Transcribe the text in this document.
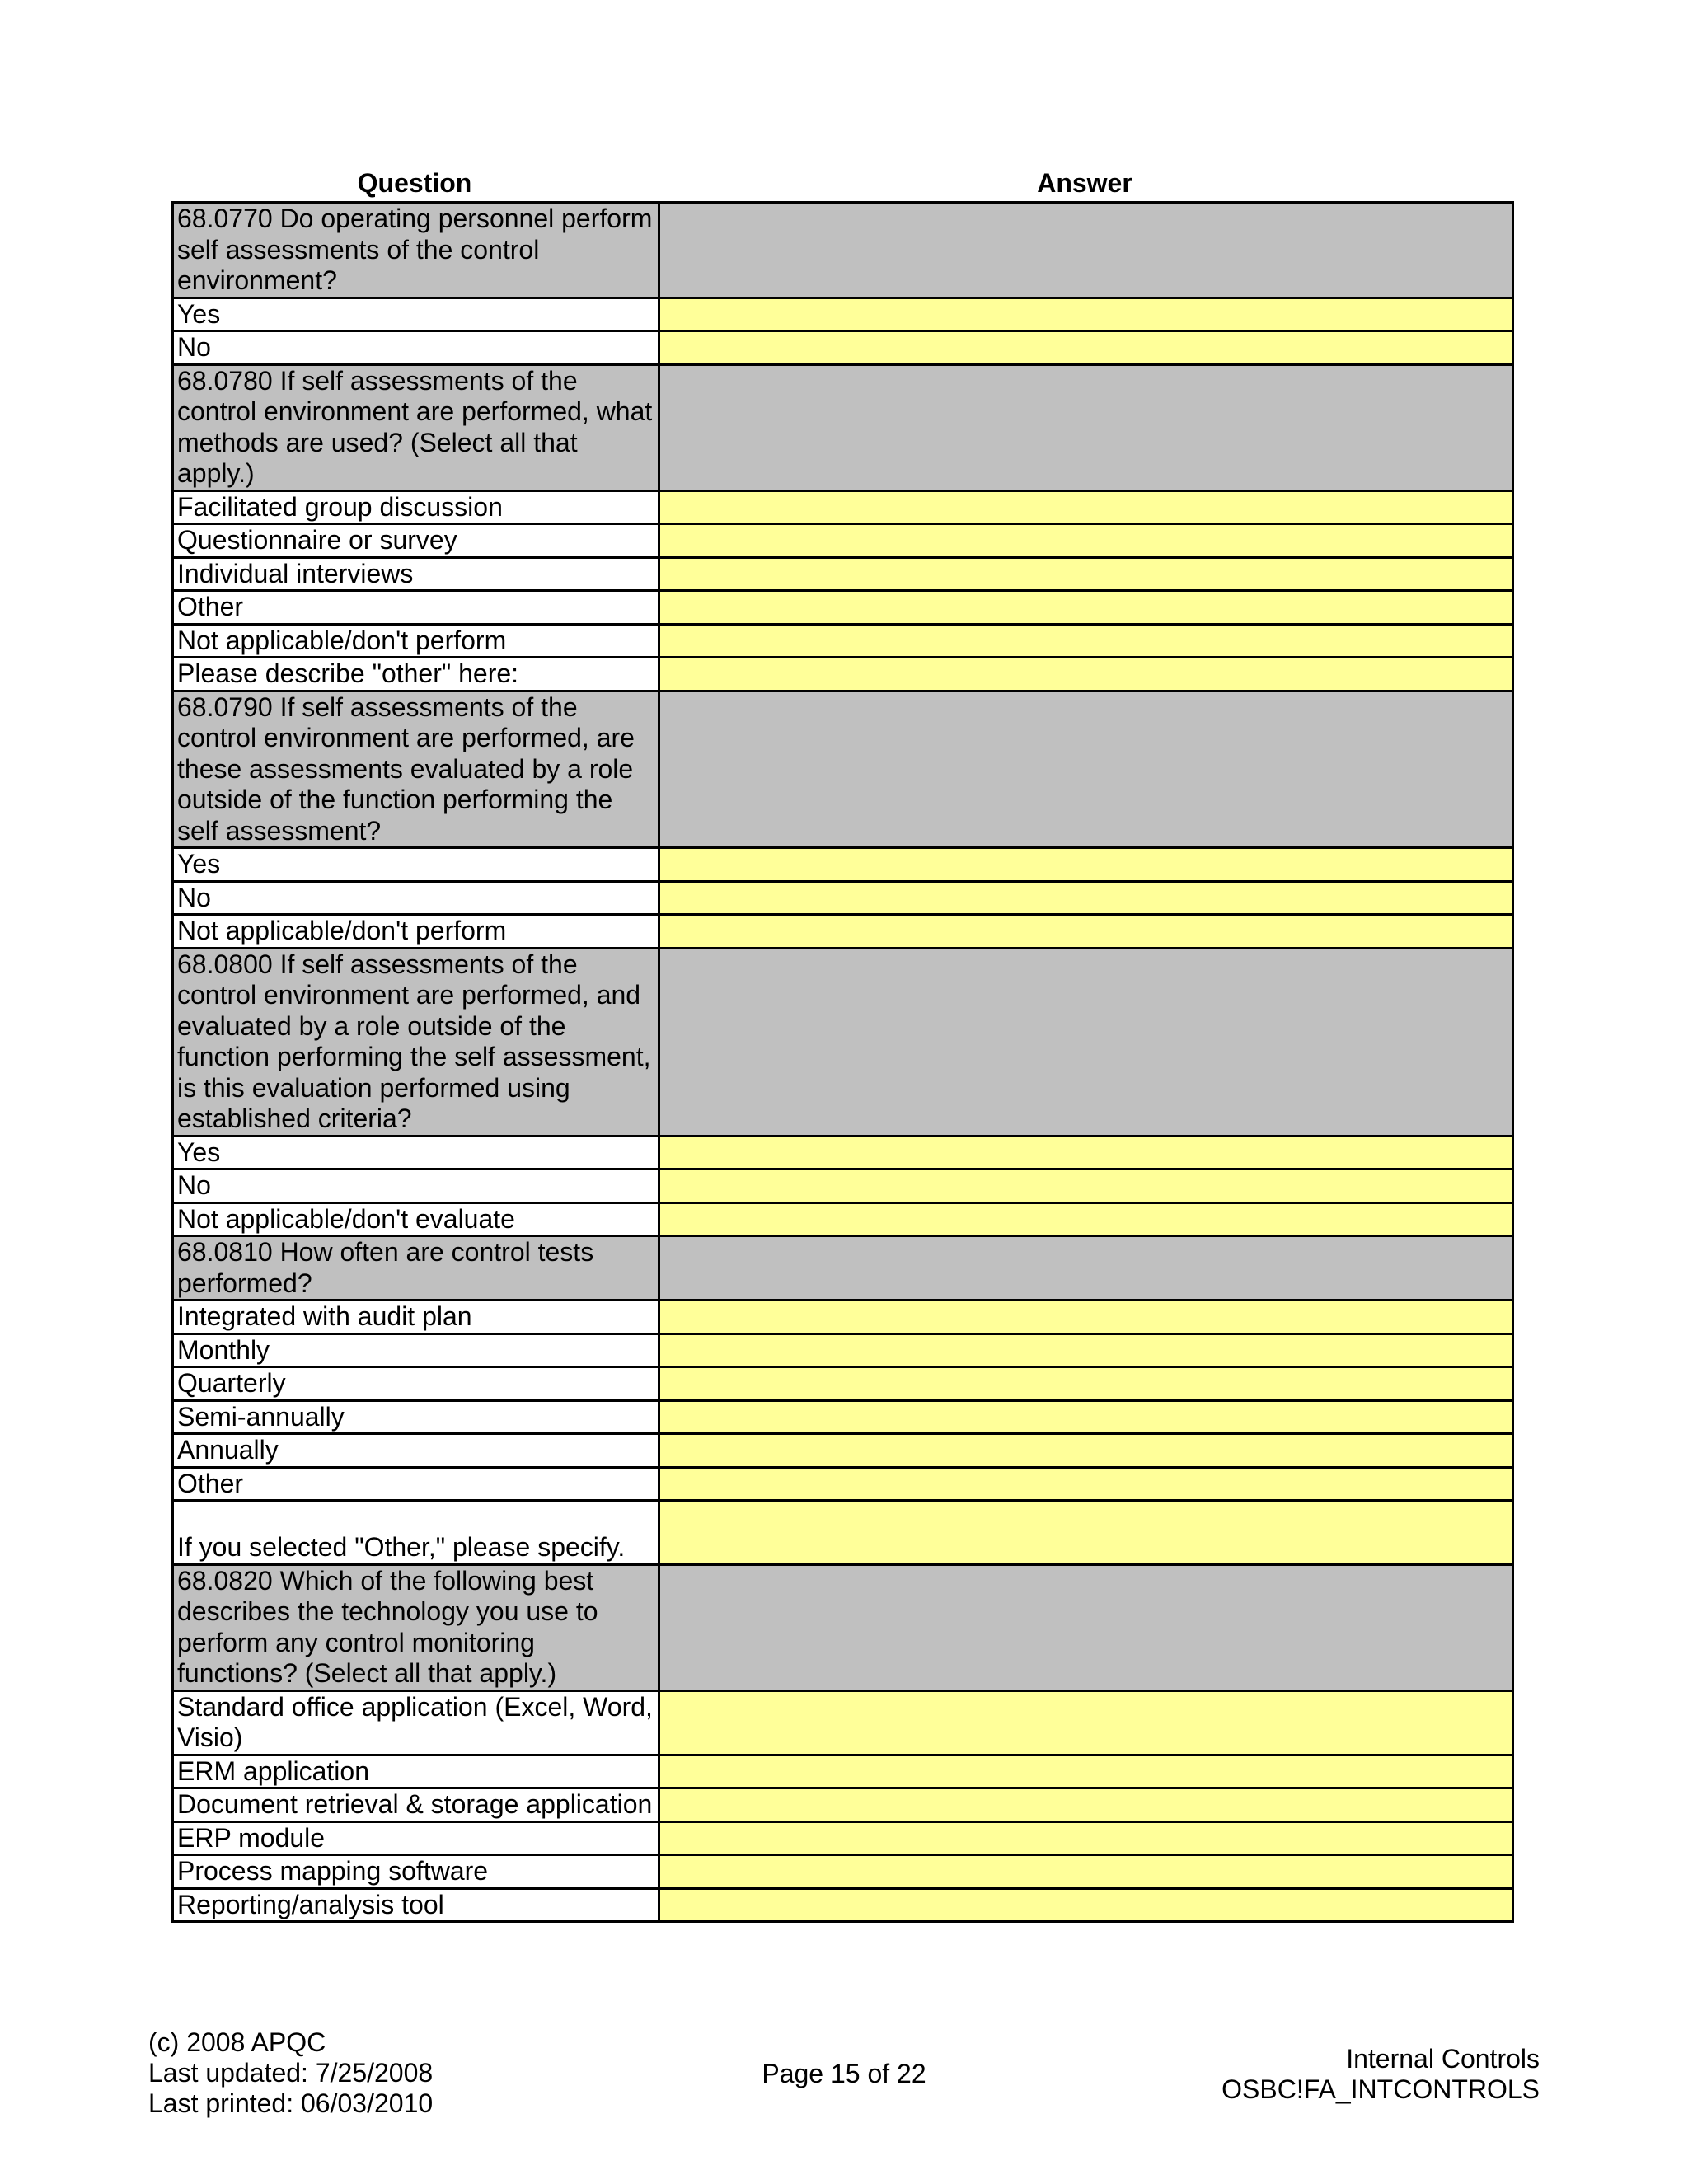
Question	Answer
68.0770 Do operating personnel perform self assessments of the control environment?	
Yes	
No	
68.0780 If self assessments of the control environment are performed, what methods are used? (Select all that apply.)	
Facilitated group discussion	
Questionnaire or survey	
Individual interviews	
Other	
Not applicable/don't perform	
Please describe "other" here:	
68.0790 If self assessments of the control environment are performed, are these assessments evaluated by a role outside of the function performing the self assessment?	
Yes	
No	
Not applicable/don't perform	
68.0800 If self assessments of the control environment are performed, and evaluated by a role outside of the function performing the self assessment, is this evaluation performed using established criteria?	
Yes	
No	
Not applicable/don't evaluate	
68.0810 How often are control tests performed?	
Integrated with audit plan	
Monthly	
Quarterly	
Semi-annually	
Annually	
Other	
If you selected "Other," please specify.	
68.0820 Which of the following best describes the technology you use to perform any control monitoring functions? (Select all that apply.)	
Standard office application (Excel, Word, Visio)	
ERM application	
Document retrieval & storage application	
ERP module	
Process mapping software	
Reporting/analysis tool	
(c) 2008 APQC
Last updated: 7/25/2008
Last printed: 06/03/2010
Page 15 of 22	Internal Controls
OSBC!FA_INTCONTROLS
